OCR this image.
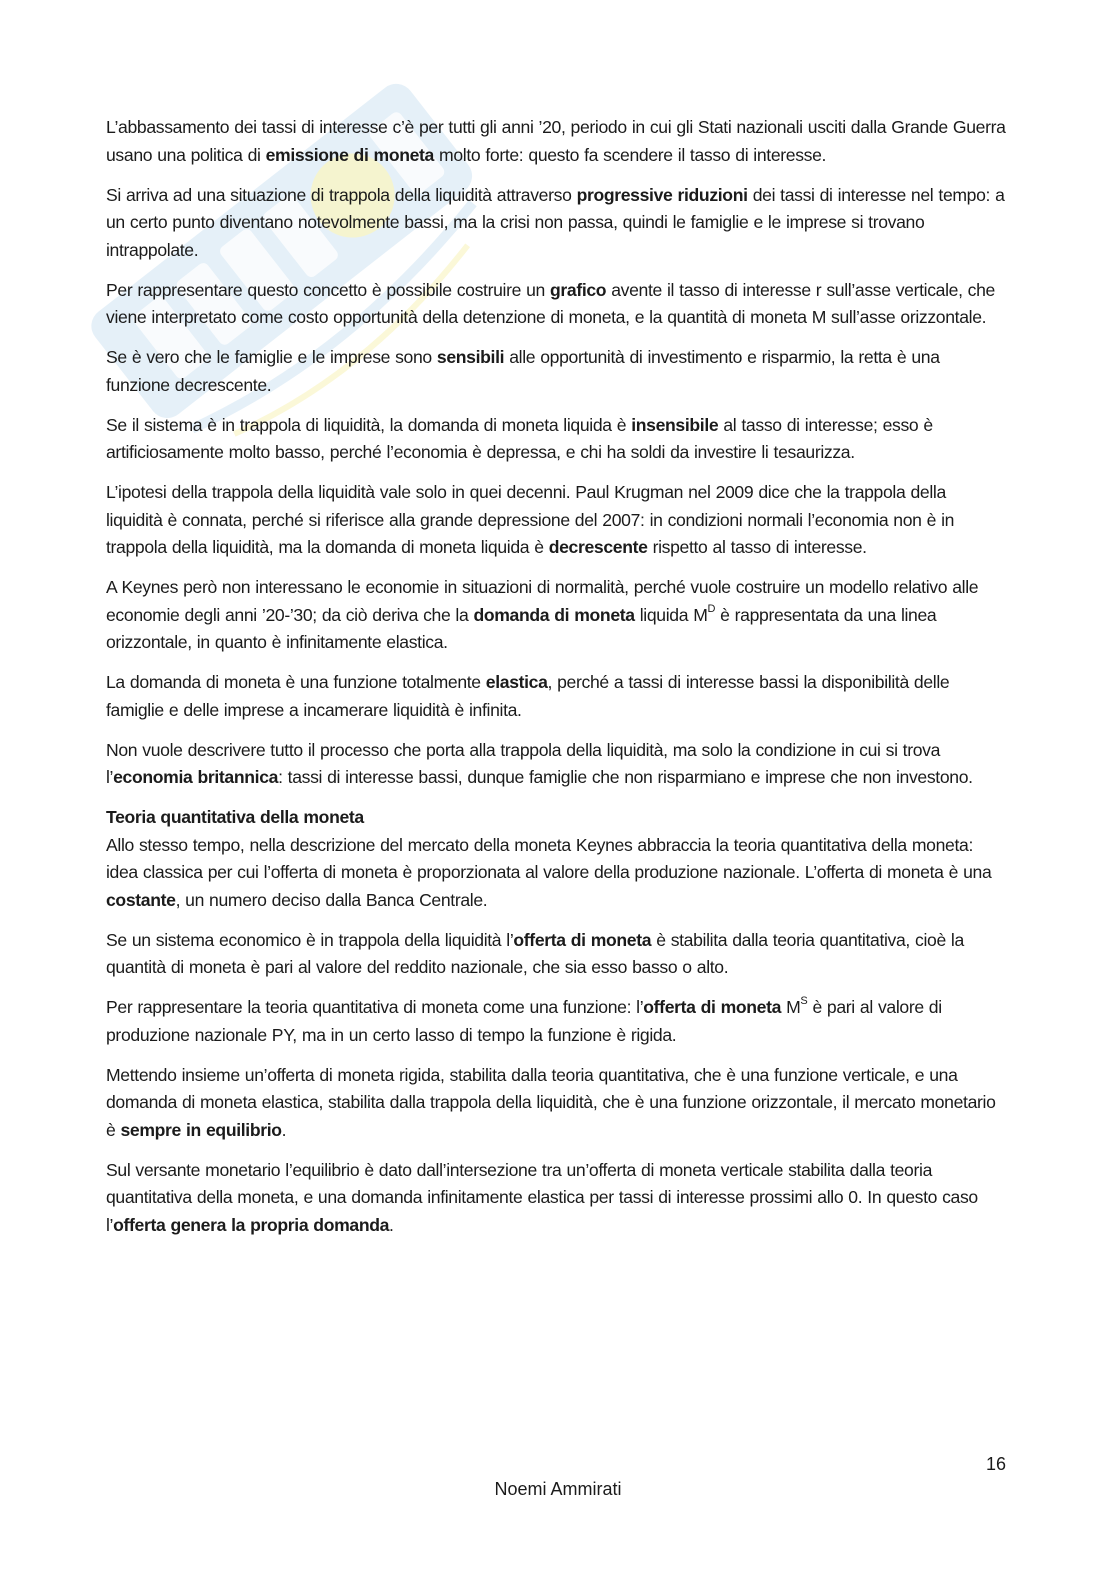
L’abbassamento dei tassi di interesse c’è per tutti gli anni ’20, periodo in cui gli Stati nazionali usciti dalla Grande Guerra usano una politica di emissione di moneta molto forte: questo fa scendere il tasso di interesse.

Si arriva ad una situazione di trappola della liquidità attraverso progressive riduzioni dei tassi di interesse nel tempo: a un certo punto diventano notevolmente bassi, ma la crisi non passa, quindi le famiglie e le imprese si trovano intrappolate.

Per rappresentare questo concetto è possibile costruire un grafico avente il tasso di interesse r sull’asse verticale, che viene interpretato come costo opportunità della detenzione di moneta, e la quantità di moneta M sull’asse orizzontale.

Se è vero che le famiglie e le imprese sono sensibili alle opportunità di investimento e risparmio, la retta è una funzione decrescente.

Se il sistema è in trappola di liquidità, la domanda di moneta liquida è insensibile al tasso di interesse; esso è artificiosamente molto basso, perché l’economia è depressa, e chi ha soldi da investire li tesaurizza.

L’ipotesi della trappola della liquidità vale solo in quei decenni. Paul Krugman nel 2009 dice che la trappola della liquidità è connata, perché si riferisce alla grande depressione del 2007: in condizioni normali l’economia non è in trappola della liquidità, ma la domanda di moneta liquida è decrescente rispetto al tasso di interesse.

A Keynes però non interessano le economie in situazioni di normalità, perché vuole costruire un modello relativo alle economie degli anni ’20-’30; da ciò deriva che la domanda di moneta liquida $M^D$ è rappresentata da una linea orizzontale, in quanto è infinitamente elastica.

La domanda di moneta è una funzione totalmente elastica, perché a tassi di interesse bassi la disponibilità delle famiglie e delle imprese a incamerare liquidità è infinita.

Non vuole descrivere tutto il processo che porta alla trappola della liquidità, ma solo la condizione in cui si trova l’economia britannica: tassi di interesse bassi, dunque famiglie che non risparmiano e imprese che non investono.

Teoria quantitativa della moneta
Allo stesso tempo, nella descrizione del mercato della moneta Keynes abbraccia la teoria quantitativa della moneta: idea classica per cui l’offerta di moneta è proporzionata al valore della produzione nazionale. L’offerta di moneta è una costante, un numero deciso dalla Banca Centrale.

Se un sistema economico è in trappola della liquidità l’offerta di moneta è stabilita dalla teoria quantitativa, cioè la quantità di moneta è pari al valore del reddito nazionale, che sia esso basso o alto.

Per rappresentare la teoria quantitativa di moneta come una funzione: l’offerta di moneta $M^S$ è pari al valore di produzione nazionale PY, ma in un certo lasso di tempo la funzione è rigida.

Mettendo insieme un’offerta di moneta rigida, stabilita dalla teoria quantitativa, che è una funzione verticale, e una domanda di moneta elastica, stabilita dalla trappola della liquidità, che è una funzione orizzontale, il mercato monetario è sempre in equilibrio.

Sul versante monetario l’equilibrio è dato dall’intersezione tra un’offerta di moneta verticale stabilita dalla teoria quantitativa della moneta, e una domanda infinitamente elastica per tassi di interesse prossimi allo 0. In questo caso l’offerta genera la propria domanda.

16
Noemi Ammirati
